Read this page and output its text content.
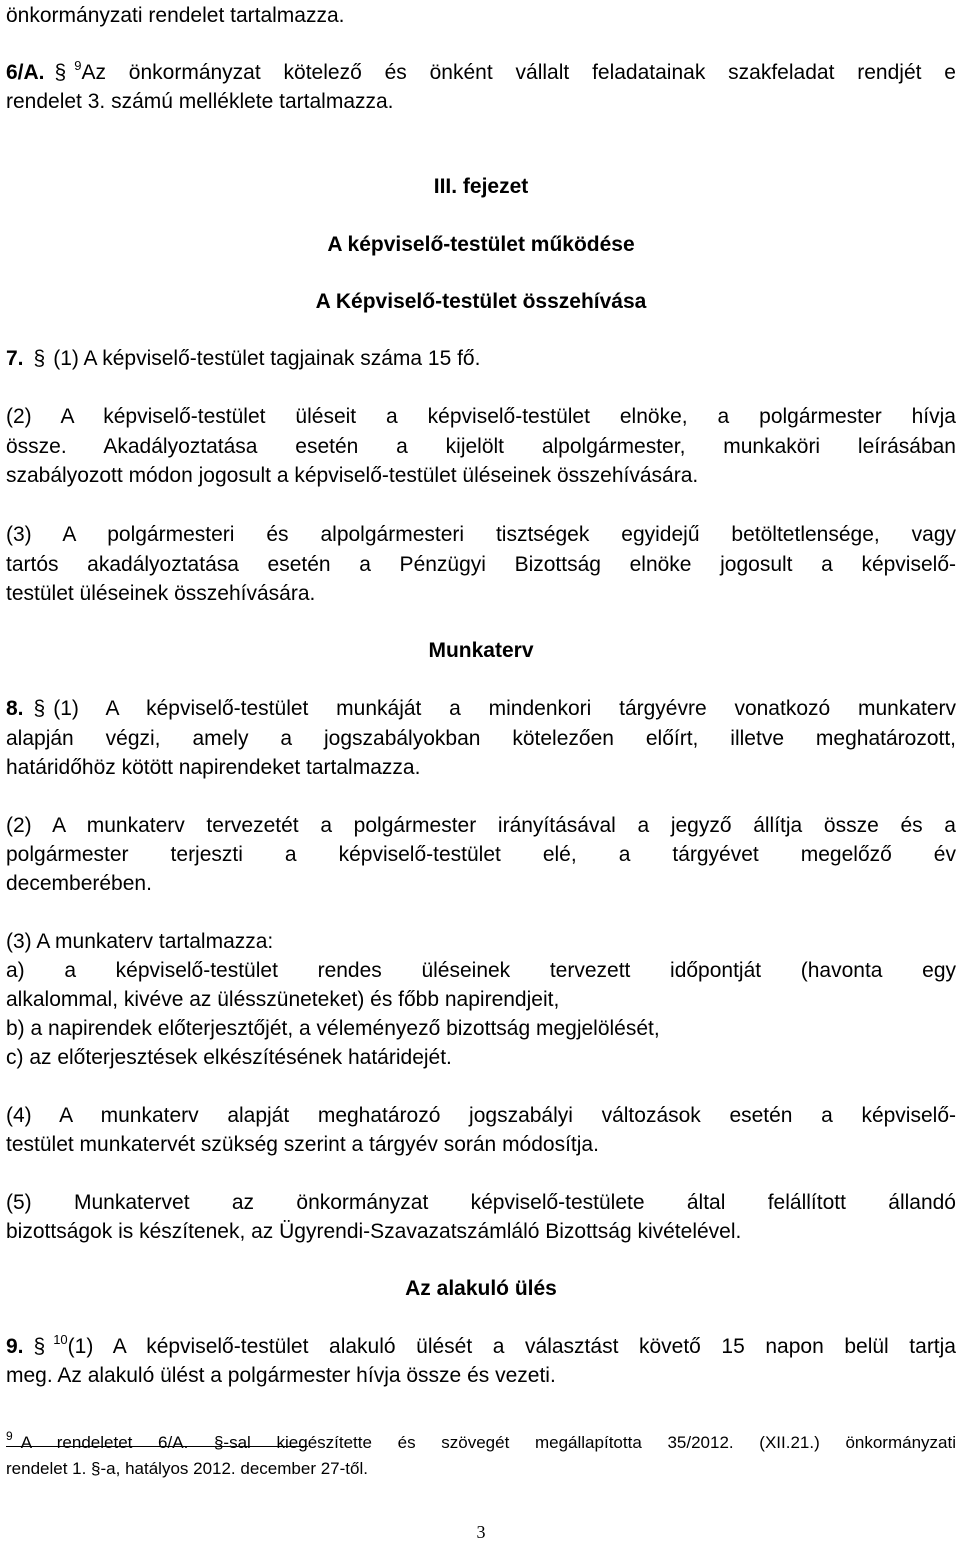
önkormányzati rendelet tartalmazza.
6/A. § $^9$Az önkormányzat kötelező és önként vállalt feladatainak szakfeladat rendjét e
rendelet 3. számú melléklete tartalmazza.
III. fejezet
A képviselő-testület működése
A Képviselő-testület összehívása
7. § (1) A képviselő-testület tagjainak száma 15 fő.
(2) A képviselő-testület üléseit a képviselő-testület elnöke, a polgármester hívja
össze. Akadályoztatása esetén a kijelölt alpolgármester, munkaköri leírásában
szabályozott módon jogosult a képviselő-testület üléseinek összehívására.
(3) A polgármesteri és alpolgármesteri tisztségek egyidejű betöltetlensége, vagy
tartós akadályoztatása esetén a Pénzügyi Bizottság elnöke jogosult a képviselő-
testület üléseinek összehívására.
Munkaterv
8. § (1) A képviselő-testület munkáját a mindenkori tárgyévre vonatkozó munkaterv
alapján végzi, amely a jogszabályokban kötelezően előírt, illetve meghatározott,
határidőhöz kötött napirendeket tartalmazza.
(2) A munkaterv tervezetét a polgármester irányításával a jegyző állítja össze és a
polgármester terjeszti a képviselő-testület elé, a tárgyévet megelőző év
decemberében.
(3) A munkaterv tartalmazza:
a) a képviselő-testület rendes üléseinek tervezett időpontját (havonta egy
alkalommal, kivéve az ülésszüneteket) és főbb napirendjeit,
b) a napirendek előterjesztőjét, a véleményező bizottság megjelölését,
c) az előterjesztések elkészítésének határidejét.
(4) A munkaterv alapját meghatározó jogszabályi változások esetén a képviselő-
testület munkatervét szükség szerint a tárgyév során módosítja.
(5) Munkatervet az önkormányzat képviselő-testülete által felállított állandó
bizottságok is készítenek, az Ügyrendi-Szavazatszámláló Bizottság kivételével.
Az alakuló ülés
9. § $^{10}$(1) A képviselő-testület alakuló ülését a választást követő 15 napon belül tartja
meg. Az alakuló ülést a polgármester hívja össze és vezeti.
$^9$ A rendeletet 6/A. §-sal kiegészítette és szövegét megállapította 35/2012. (XII.21.) önkormányzati
rendelet 1. §-a, hatályos 2012. december 27-től.
3
